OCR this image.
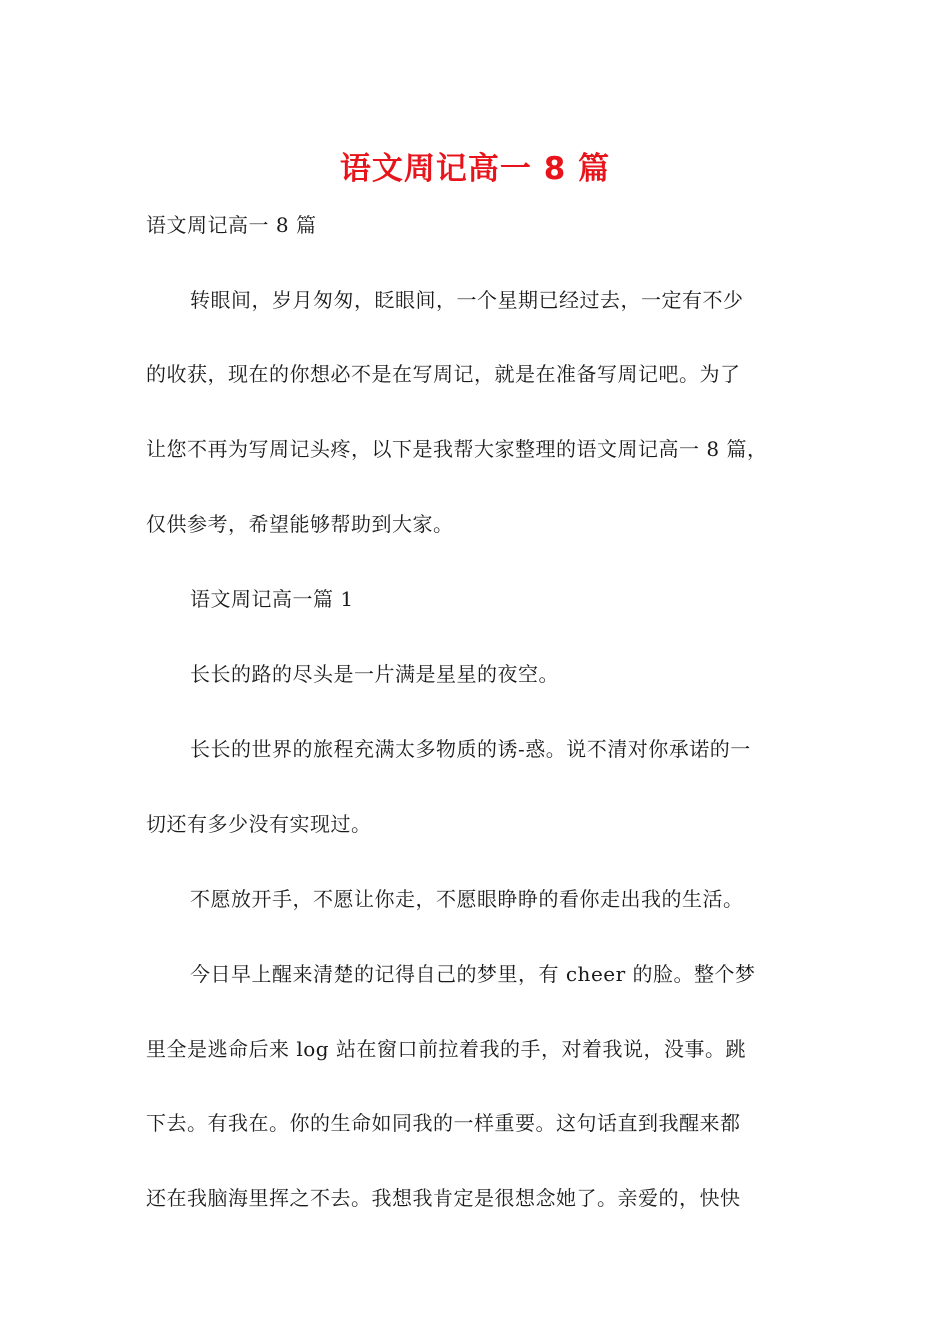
语文周记高一 8 篇

语文周记高一 8 篇

转眼间，岁月匆匆，眨眼间，一个星期已经过去，一定有不少

的收获，现在的你想必不是在写周记，就是在准备写周记吧。为了

让您不再为写周记头疼，以下是我帮大家整理的语文周记高一 8 篇，

仅供参考，希望能够帮助到大家。

语文周记高一篇 1

长长的路的尽头是一片满是星星的夜空。

长长的世界的旅程充满太多物质的诱-惑。说不清对你承诺的一

切还有多少没有实现过。

不愿放开手，不愿让你走，不愿眼睁睁的看你走出我的生活。

今日早上醒来清楚的记得自己的梦里，有 cheer 的脸。整个梦

里全是逃命后来 log 站在窗口前拉着我的手，对着我说，没事。跳

下去。有我在。你的生命如同我的一样重要。这句话直到我醒来都

还在我脑海里挥之不去。我想我肯定是很想念她了。亲爱的，快快
